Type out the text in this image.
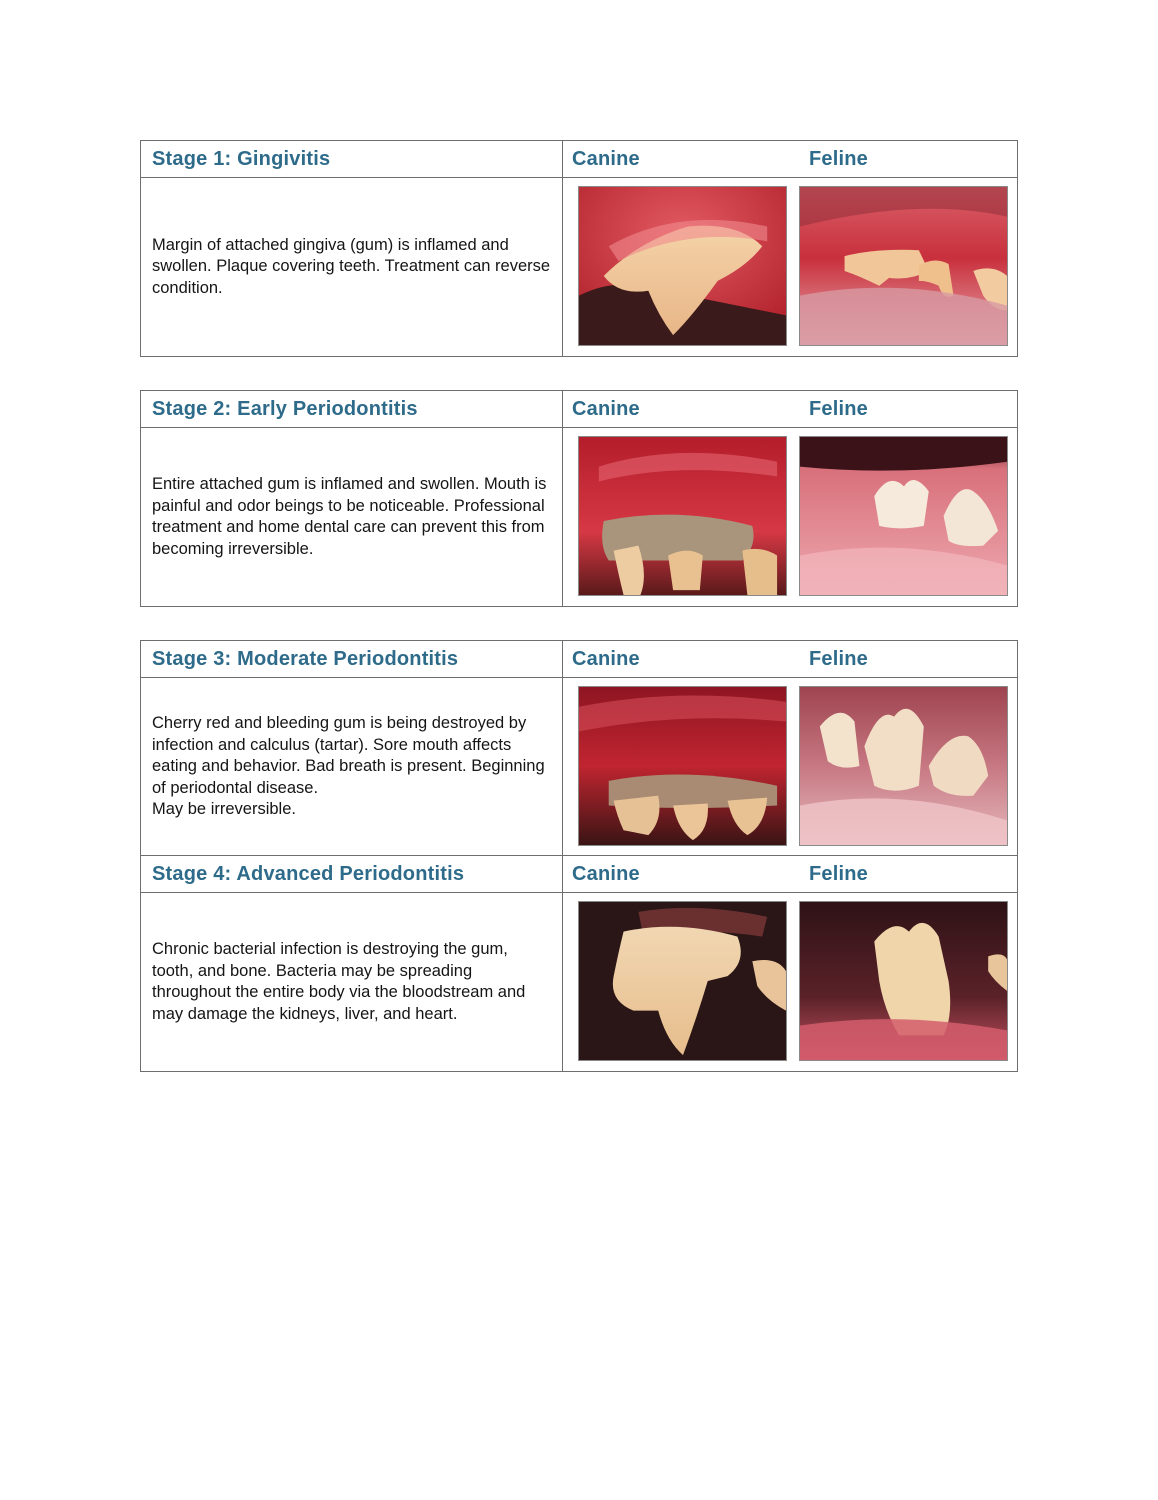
Stage 1: Gingivitis	Canine	Feline
Margin of attached gingiva (gum) is inflamed and swollen. Plaque covering teeth. Treatment can reverse condition.
Stage 2: Early Periodontitis	Canine	Feline
Entire attached gum is inflamed and swollen. Mouth is painful and odor beings to be noticeable. Professional treatment and home dental care can prevent this from becoming irreversible.
Stage 3: Moderate Periodontitis	Canine	Feline
Cherry red and bleeding gum is being destroyed by infection and calculus (tartar). Sore mouth affects eating and behavior. Bad breath is present. Beginning of periodontal disease.
May be irreversible.
Stage 4: Advanced Periodontitis	Canine	Feline
Chronic bacterial infection is destroying the gum, tooth, and bone. Bacteria may be spreading throughout the entire body via the bloodstream and may damage the kidneys, liver, and heart.
